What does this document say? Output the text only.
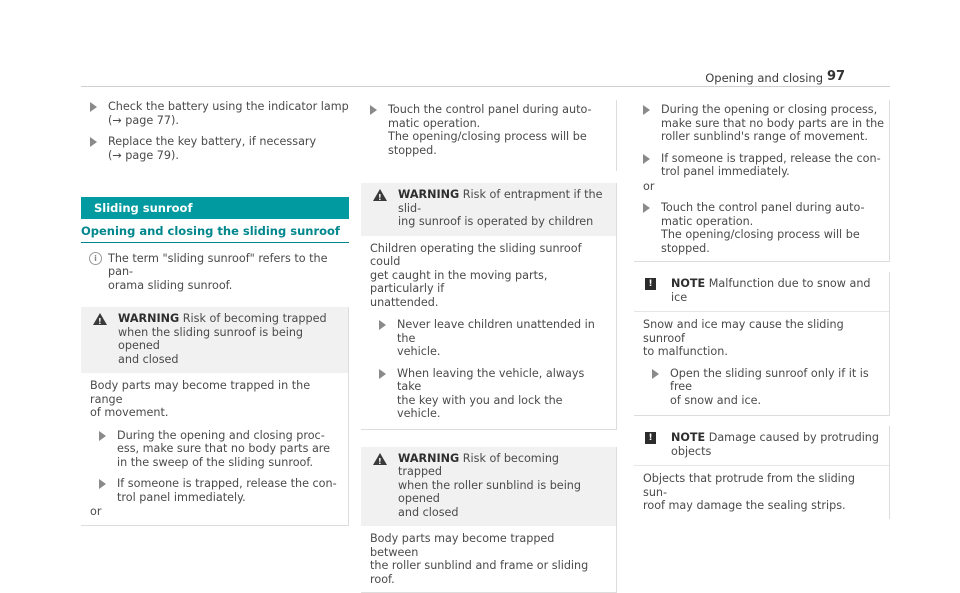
Opening and closing 97
Check the battery using the indicator lamp
(→ page 77).
Replace the key battery, if necessary
(→ page 79).
Sliding sunroof
Opening and closing the sliding sunroof
i The term "sliding sunroof" refers to the pan-
orama sliding sunroof.
!
WARNING Risk of becoming trapped
when the sliding sunroof is being opened
and closed
Body parts may become trapped in the range
of movement.
During the opening and closing proc-
ess, make sure that no body parts are
in the sweep of the sliding sunroof.
If someone is trapped, release the con-
trol panel immediately.
or
Touch the control panel during auto-
matic operation.
The opening/closing process will be
stopped.
!
WARNING Risk of entrapment if the slid-
ing sunroof is operated by children
Children operating the sliding sunroof could
get caught in the moving parts, particularly if
unattended.
Never leave children unattended in the
vehicle.
When leaving the vehicle, always take
the key with you and lock the vehicle.
!
WARNING Risk of becoming trapped
when the roller sunblind is being opened
and closed
Body parts may become trapped between
the roller sunblind and frame or sliding roof.
During the opening or closing process,
make sure that no body parts are in the
roller sunblind's range of movement.
If someone is trapped, release the con-
trol panel immediately.
or
Touch the control panel during auto-
matic operation.
The opening/closing process will be
stopped.
!	NOTE Malfunction due to snow and ice
Snow and ice may cause the sliding sunroof
to malfunction.
Open the sliding sunroof only if it is free
of snow and ice.
!	NOTE Damage caused by protruding
objects
Objects that protrude from the sliding sun-
roof may damage the sealing strips.
